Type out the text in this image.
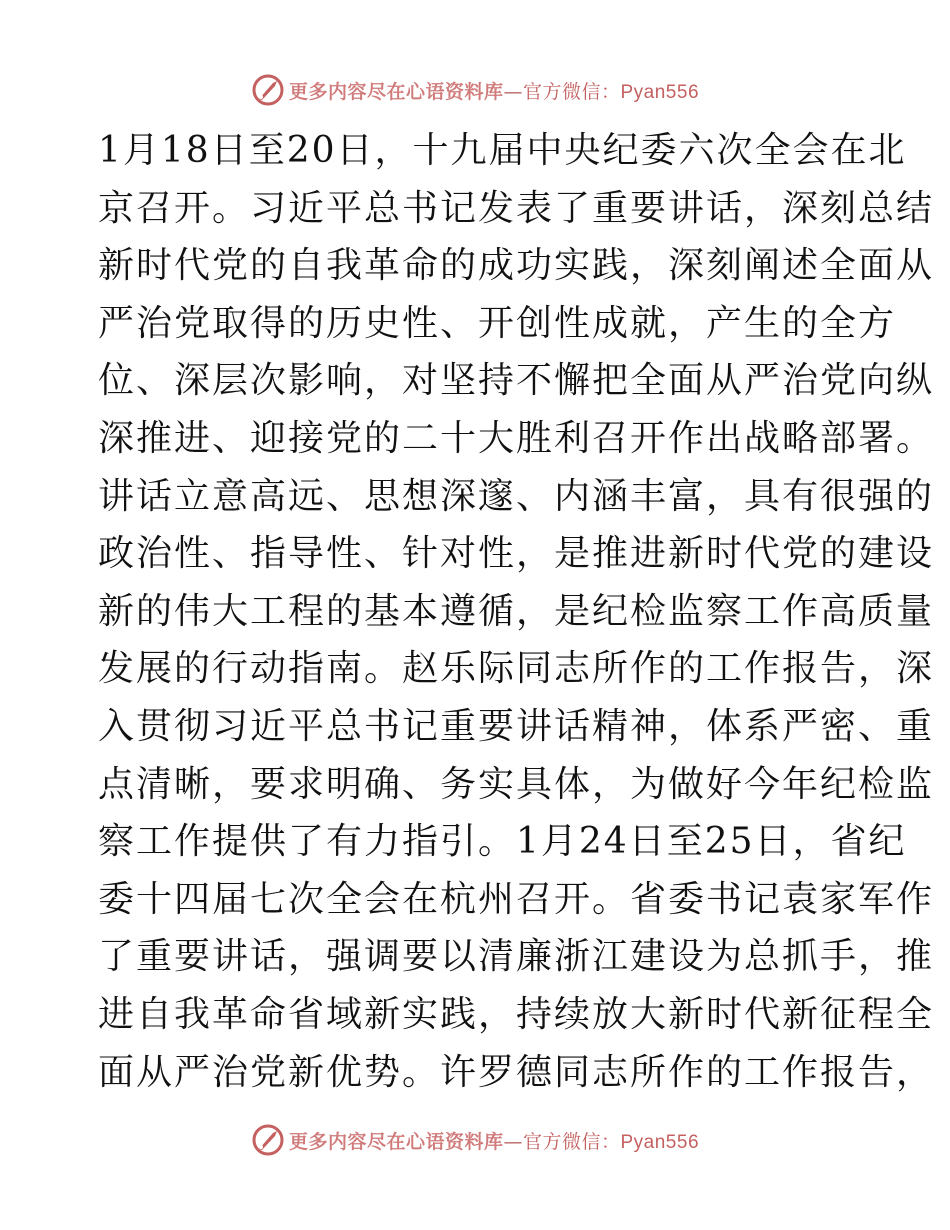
更多内容尽在心语资料库—官方微信：Pyan556
1月18日至20日，十九届中央纪委六次全会在北
京召开。习近平总书记发表了重要讲话，深刻总结
新时代党的自我革命的成功实践，深刻阐述全面从
严治党取得的历史性、开创性成就，产生的全方
位、深层次影响，对坚持不懈把全面从严治党向纵
深推进、迎接党的二十大胜利召开作出战略部署。
讲话立意高远、思想深邃、内涵丰富，具有很强的
政治性、指导性、针对性，是推进新时代党的建设
新的伟大工程的基本遵循，是纪检监察工作高质量
发展的行动指南。赵乐际同志所作的工作报告，深
入贯彻习近平总书记重要讲话精神，体系严密、重
点清晰，要求明确、务实具体，为做好今年纪检监
察工作提供了有力指引。1月24日至25日，省纪
委十四届七次全会在杭州召开。省委书记袁家军作
了重要讲话，强调要以清廉浙江建设为总抓手，推
进自我革命省域新实践，持续放大新时代新征程全
面从严治党新优势。许罗德同志所作的工作报告，
更多内容尽在心语资料库—官方微信：Pyan556
